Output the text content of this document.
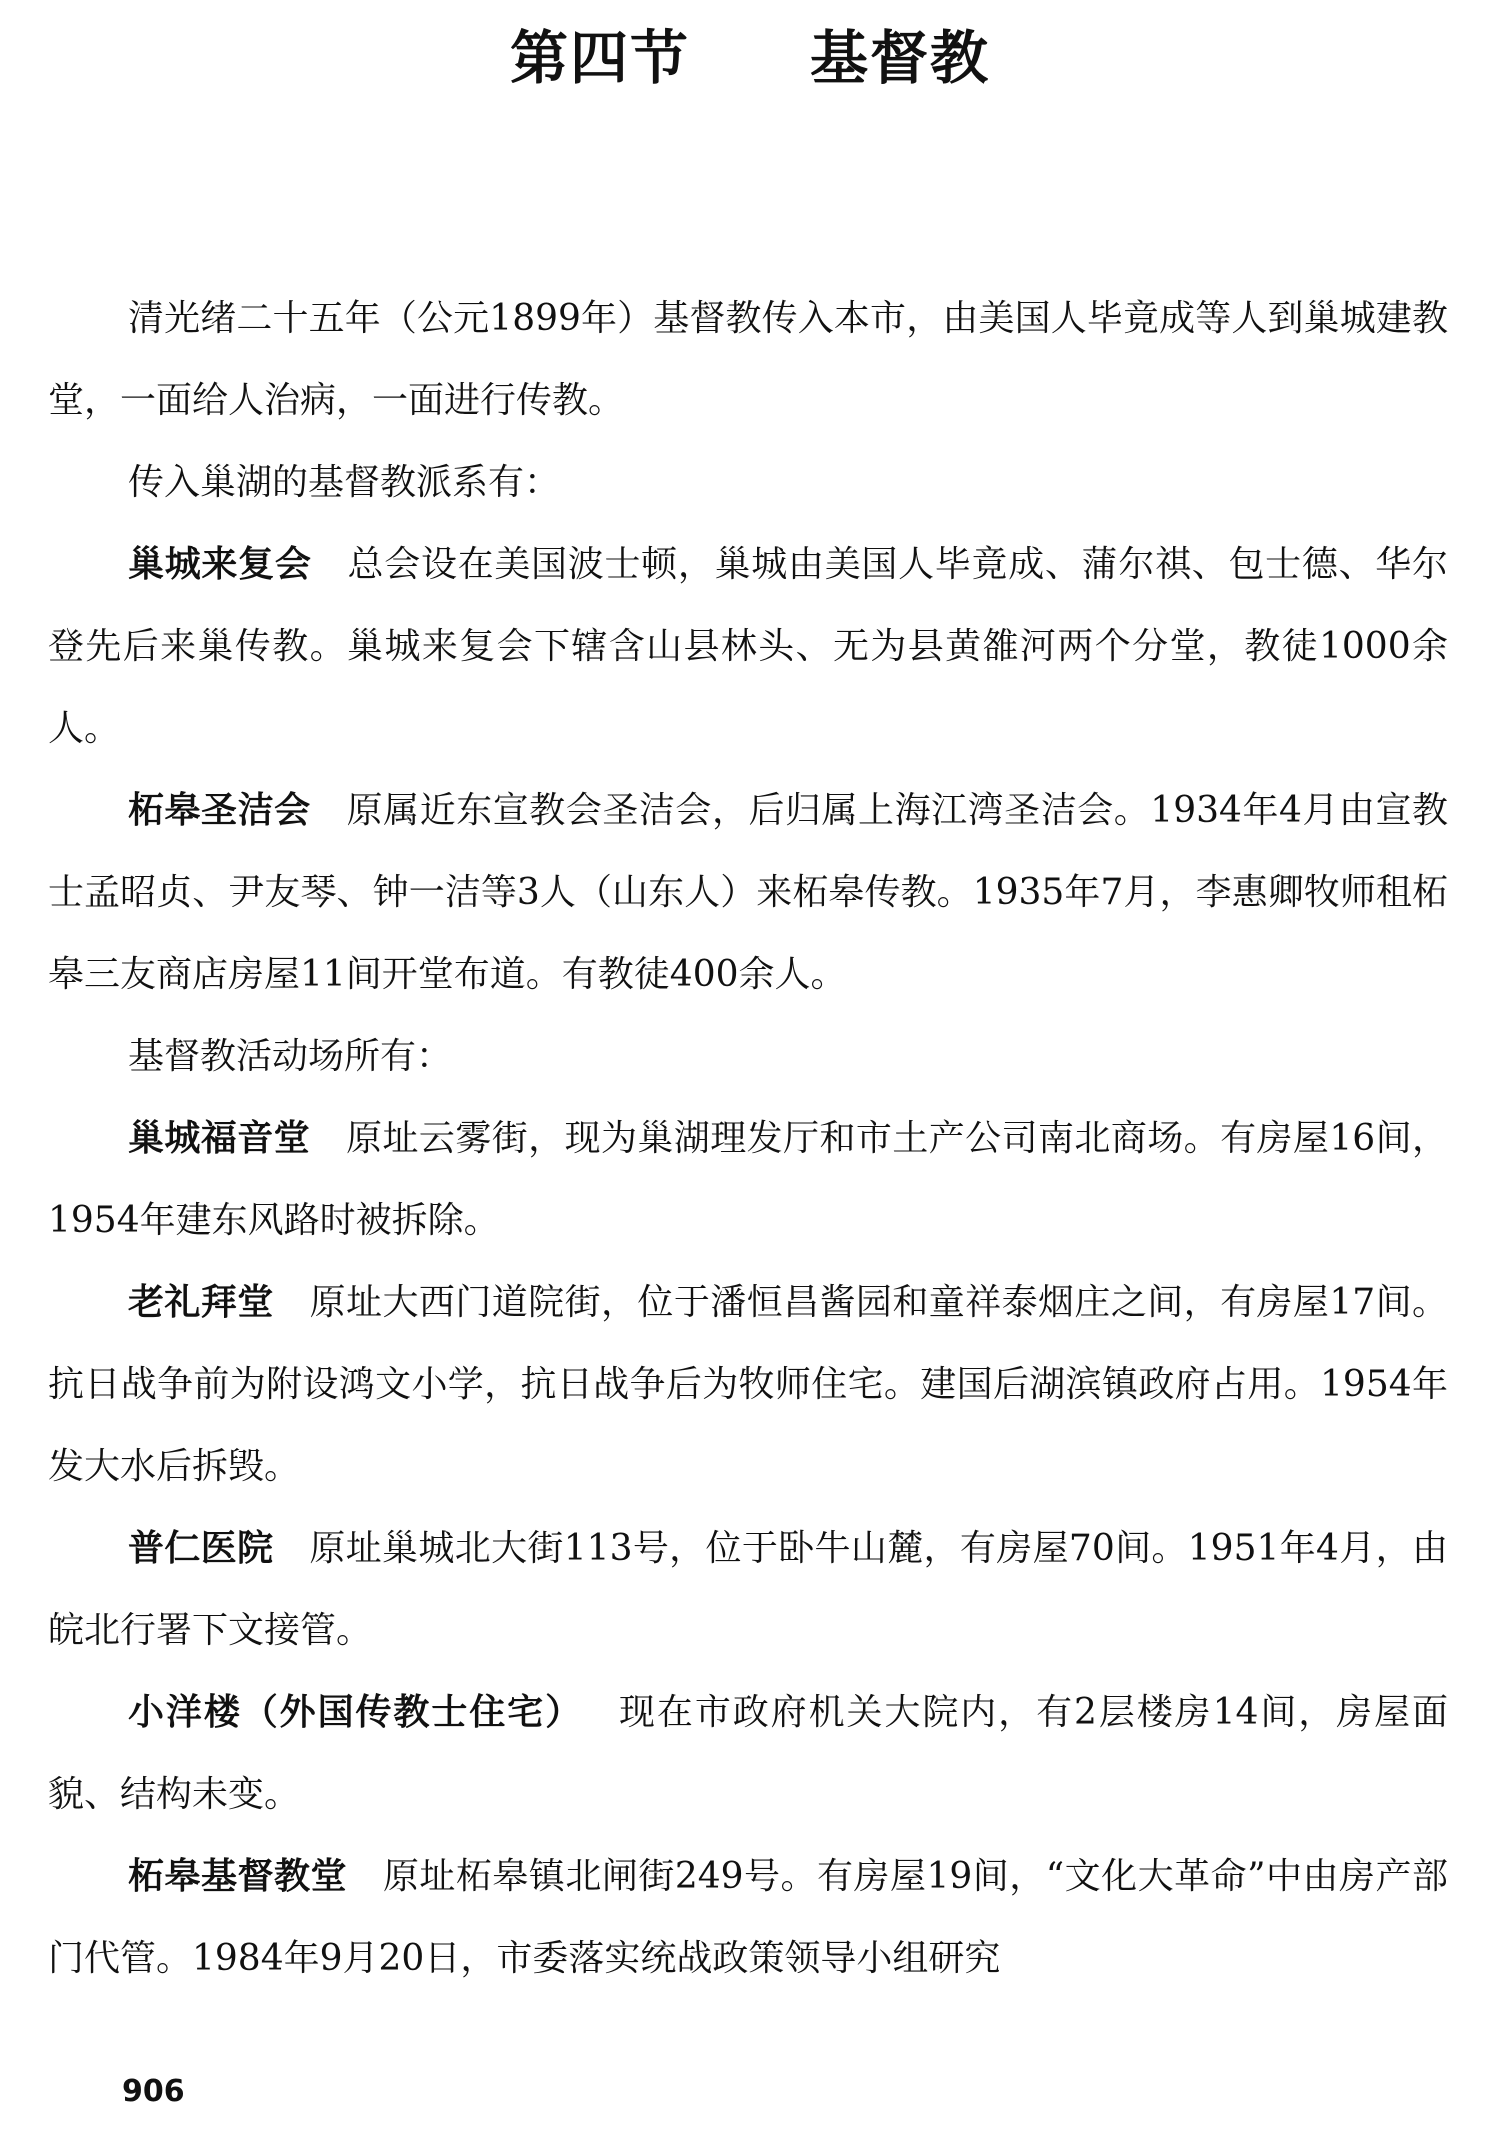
第四节 基督教

清光绪二十五年（公元1899年）基督教传入本市，由美国人毕竟成等人到巢城建教堂，一面给人治病，一面进行传教。

传入巢湖的基督教派系有：

巢城来复会 总会设在美国波士顿，巢城由美国人毕竟成、蒲尔祺、包士德、华尔登先后来巢传教。巢城来复会下辖含山县林头、无为县黄雒河两个分堂，教徒1000余人。

柘皋圣洁会 原属近东宣教会圣洁会，后归属上海江湾圣洁会。1934年4月由宣教士孟昭贞、尹友琴、钟一洁等3人（山东人）来柘皋传教。1935年7月，李惠卿牧师租柘皋三友商店房屋11间开堂布道。有教徒400余人。

基督教活动场所有：

巢城福音堂 原址云雾街，现为巢湖理发厅和市土产公司南北商场。有房屋16间，1954年建东风路时被拆除。

老礼拜堂 原址大西门道院街，位于潘恒昌酱园和童祥泰烟庄之间，有房屋17间。抗日战争前为附设鸿文小学，抗日战争后为牧师住宅。建国后湖滨镇政府占用。1954年发大水后拆毁。

普仁医院 原址巢城北大街113号，位于卧牛山麓，有房屋70间。1951年4月，由皖北行署下文接管。

小洋楼（外国传教士住宅） 现在市政府机关大院内，有2层楼房14间，房屋面貌、结构未变。

柘皋基督教堂 原址柘皋镇北闸街249号。有房屋19间，“文化大革命”中由房产部门代管。1984年9月20日，市委落实统战政策领导小组研究

906
